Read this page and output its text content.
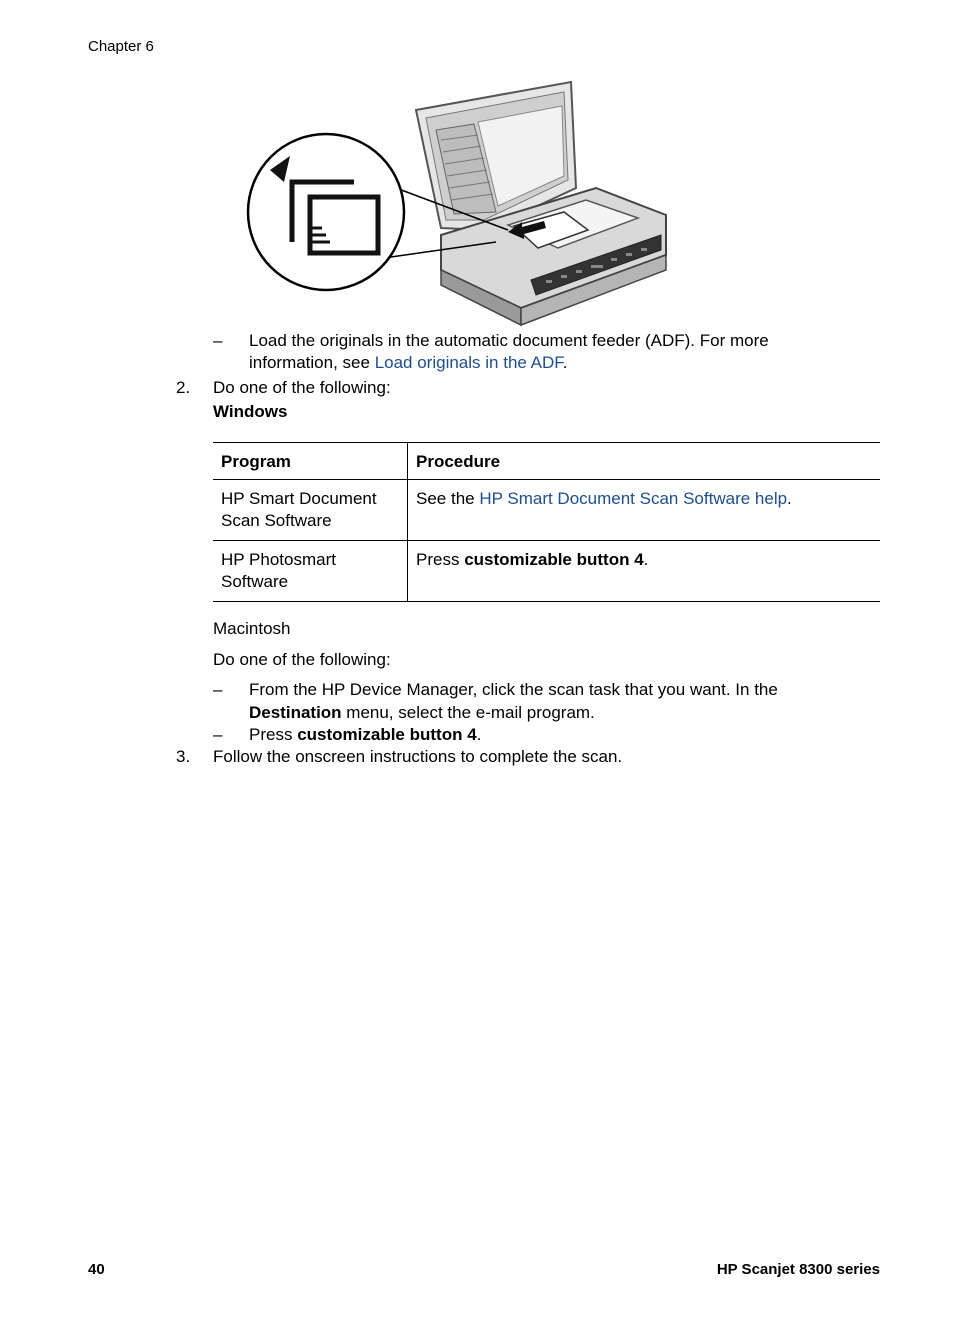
Chapter 6
– Load the originals in the automatic document feeder (ADF). For more
information, see Load originals in the ADF.
2. Do one of the following:
Windows
Program	Procedure
HP Smart Document
Scan Software	See the HP Smart Document Scan Software help.
HP Photosmart
Software	Press customizable button 4.
Macintosh
Do one of the following:
– From the HP Device Manager, click the scan task that you want. In the
Destination menu, select the e-mail program.
– Press customizable button 4.
3. Follow the onscreen instructions to complete the scan.
40	HP Scanjet 8300 series
